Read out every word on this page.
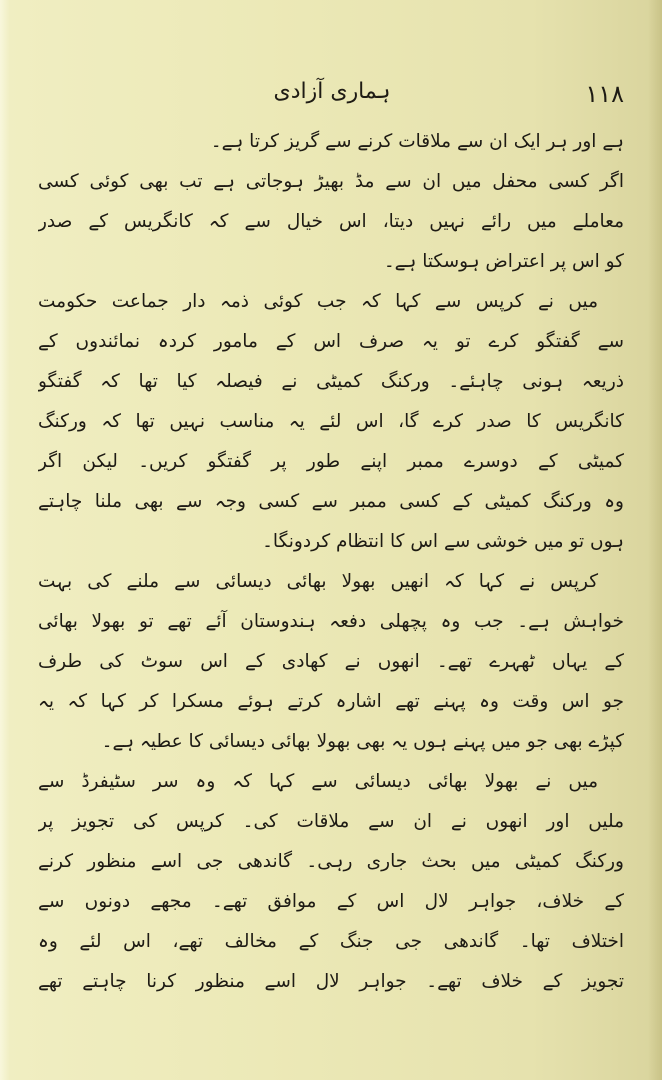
ہماری آزادی	۱۱۸
ہے اور ہر ایک ان سے ملاقات کرنے سے گریز کرتا ہے۔
اگر کسی محفل میں ان سے مڈ بھیڑ ہوجاتی ہے تب بھی کوئی کسی
معاملے میں رائے نہیں دیتا، اس خیال سے کہ کانگریس کے صدر
کو اس پر اعتراض ہوسکتا ہے۔
میں نے کرپس سے کہا کہ جب کوئی ذمہ دار جماعت حکومت
سے گفتگو کرے تو یہ صرف اس کے مامور کردہ نمائندوں کے
ذریعہ ہونی چاہئے۔ ورکنگ کمیٹی نے فیصلہ کیا تھا کہ گفتگو
کانگریس کا صدر کرے گا، اس لئے یہ مناسب نہیں تھا کہ ورکنگ
کمیٹی کے دوسرے ممبر اپنے طور پر گفتگو کریں۔ لیکن اگر
وہ ورکنگ کمیٹی کے کسی ممبر سے کسی وجہ سے بھی ملنا چاہتے
ہوں تو میں خوشی سے اس کا انتظام کردونگا۔
کرپس نے کہا کہ انھیں بھولا بھائی دیسائی سے ملنے کی بہت
خواہش ہے۔ جب وہ پچھلی دفعہ ہندوستان آئے تھے تو بھولا بھائی
کے یہاں ٹھہرے تھے۔ انھوں نے کھادی کے اس سوٹ کی طرف
جو اس وقت وہ پہنے تھے اشارہ کرتے ہوئے مسکرا کر کہا کہ یہ
کپڑے بھی جو میں پہنے ہوں یہ بھی بھولا بھائی دیسائی کا عطیہ ہے۔
میں نے بھولا بھائی دیسائی سے کہا کہ وہ سر سٹیفرڈ سے
ملیں اور انھوں نے ان سے ملاقات کی۔ کرپس کی تجویز پر
ورکنگ کمیٹی میں بحث جاری رہی۔ گاندھی جی اسے منظور کرنے
کے خلاف، جواہر لال اس کے موافق تھے۔ مجھے دونوں سے
اختلاف تھا۔ گاندھی جی جنگ کے مخالف تھے، اس لئے وہ
تجویز کے خلاف تھے۔ جواہر لال اسے منظور کرنا چاہتے تھے
